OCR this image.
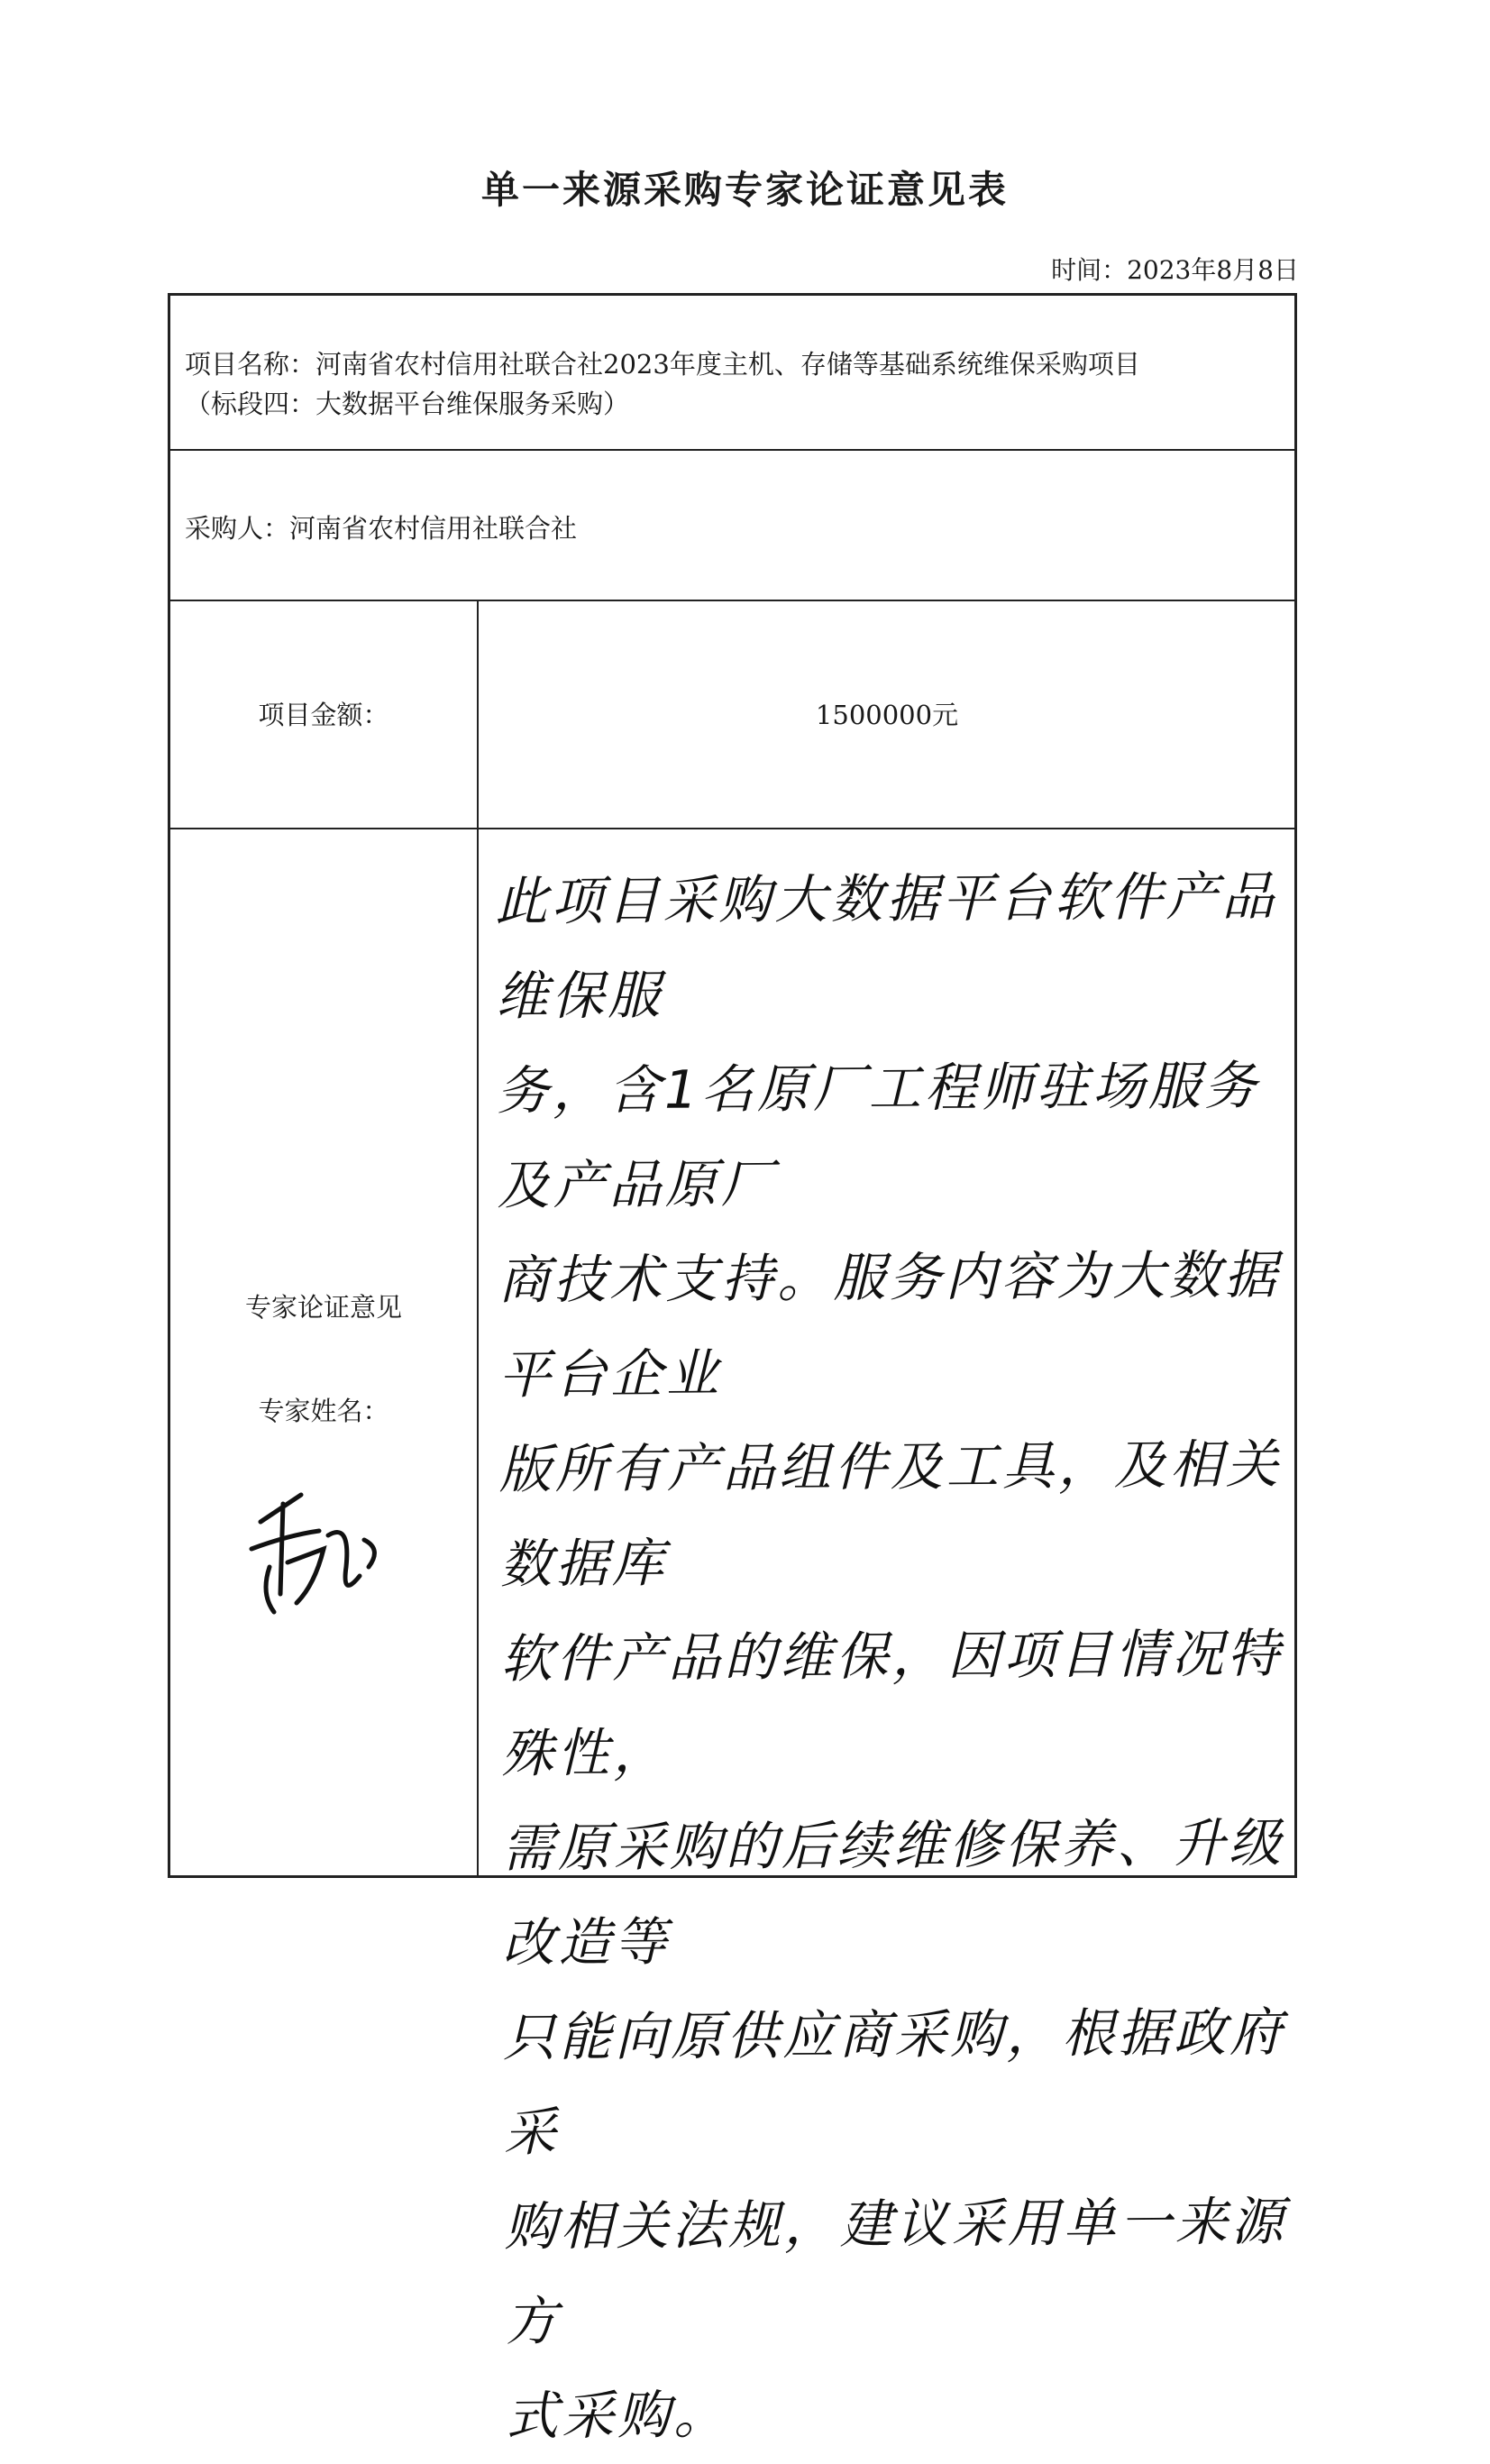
单一来源采购专家论证意见表
时间：2023年8月8日
项目名称：河南省农村信用社联合社2023年度主机、存储等基础系统维保采购项目
（标段四：大数据平台维保服务采购）
采购人：河南省农村信用社联合社
项目金额：	1500000元
专家论证意见
专家姓名：
此项目采购大数据平台软件产品维保服
务，含1名原厂工程师驻场服务及产品原厂
商技术支持。服务内容为大数据平台企业
版所有产品组件及工具，及相关数据库
软件产品的维保，因项目情况特殊性，
需原采购的后续维修保养、升级改造等
只能向原供应商采购，根据政府采
购相关法规，建议采用单一来源方
式采购。
